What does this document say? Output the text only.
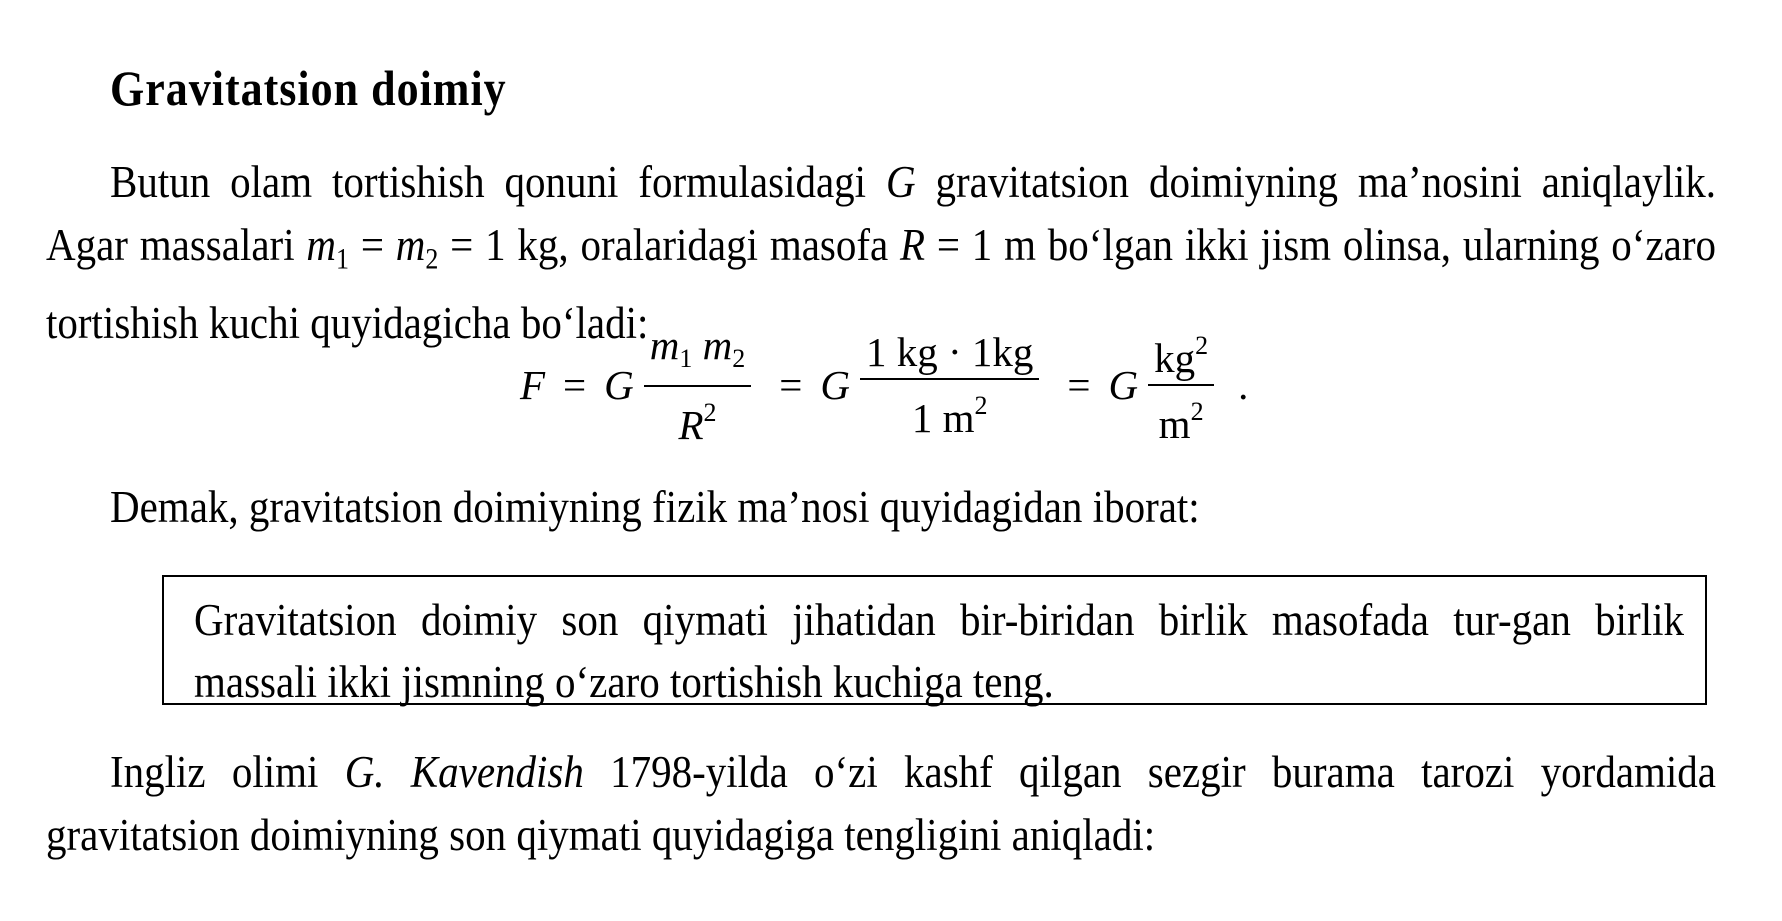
Gravitatsion doimiy
Butun olam tortishish qonuni formulasidagi G gravitatsion doimiyning ma’nosini aniqlaylik. Agar massalari $m_1 = m_2 = 1$ kg, oralaridagi masofa R = 1 m bo‘lgan ikki jism olinsa, ularning o‘zaro tortishish kuchi quyidagicha bo‘ladi:
F = G $\frac{m_1 m_2}{R^2} = G \frac{1 kg \cdot 1kg}{1 m^2} = G \frac{kg^2}{m^2}$ .
Demak, gravitatsion doimiyning fizik ma’nosi quyidagidan iborat:
Gravitatsion doimiy son qiymati jihatidan bir-biridan birlik masofada tur-gan birlik massali ikki jismning o‘zaro tortishish kuchiga teng.
Ingliz olimi G. Kavendish 1798-yilda o‘zi kashf qilgan sezgir burama tarozi yordamida gravitatsion doimiyning son qiymati quyidagiga tengligini aniqladi:
